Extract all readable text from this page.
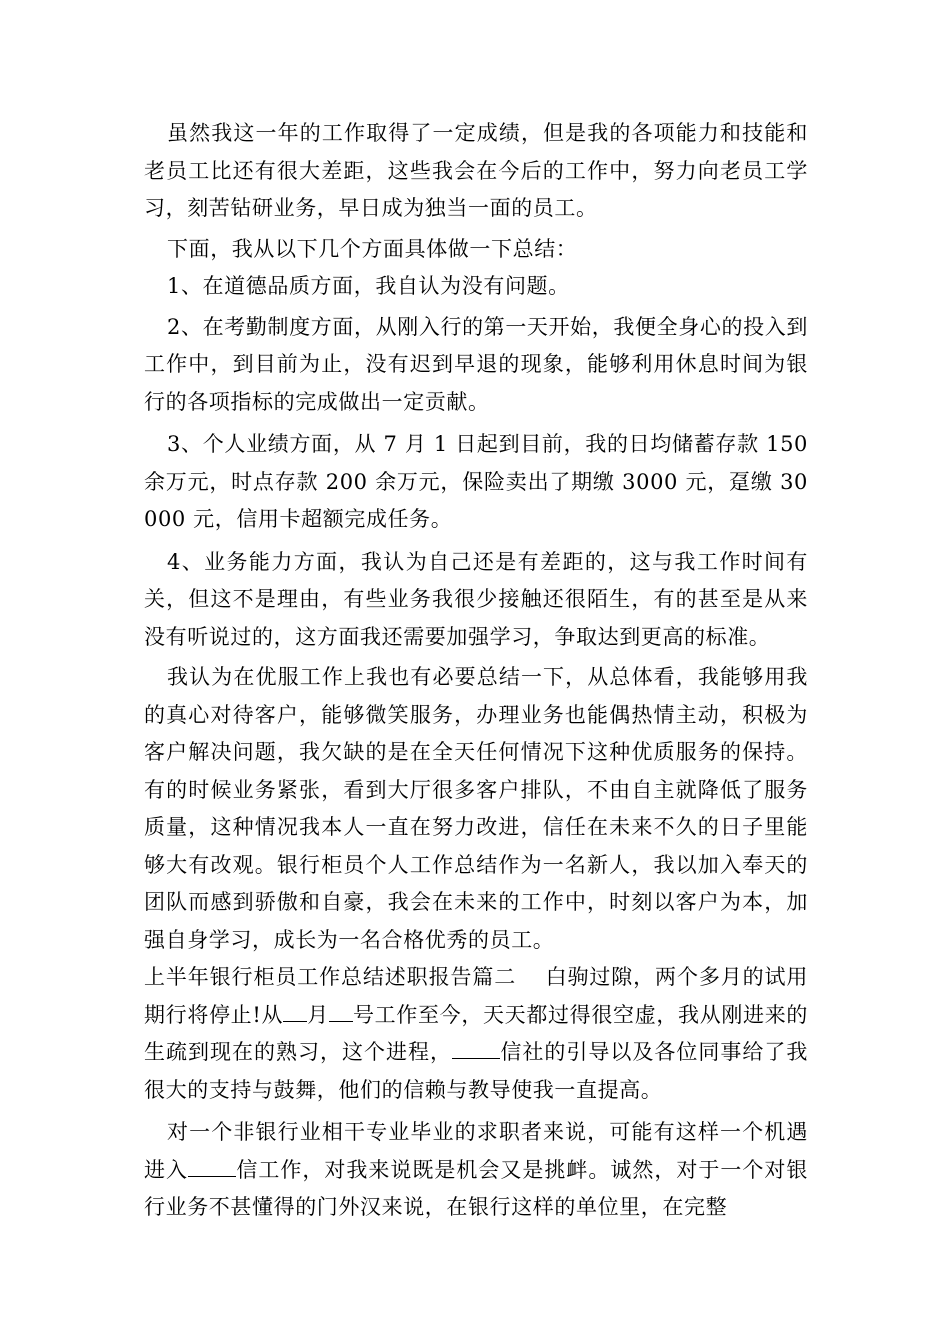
虽然我这一年的工作取得了一定成绩，但是我的各项能力和技能和老员工比还有很大差距，这些我会在今后的工作中，努力向老员工学习，刻苦钻研业务，早日成为独当一面的员工。

下面，我从以下几个方面具体做一下总结：

1、在道德品质方面，我自认为没有问题。

2、在考勤制度方面，从刚入行的第一天开始，我便全身心的投入到工作中，到目前为止，没有迟到早退的现象，能够利用休息时间为银行的各项指标的完成做出一定贡献。

3、个人业绩方面，从 7 月 1 日起到目前，我的日均储蓄存款 150 余万元，时点存款 200 余万元，保险卖出了期缴 3000 元，趸缴 30000 元，信用卡超额完成任务。

4、业务能力方面，我认为自己还是有差距的，这与我工作时间有关，但这不是理由，有些业务我很少接触还很陌生，有的甚至是从来没有听说过的，这方面我还需要加强学习，争取达到更高的标准。

我认为在优服工作上我也有必要总结一下，从总体看，我能够用我的真心对待客户，能够微笑服务，办理业务也能偶热情主动，积极为客户解决问题，我欠缺的是在全天任何情况下这种优质服务的保持。有的时候业务紧张，看到大厅很多客户排队，不由自主就降低了服务质量，这种情况我本人一直在努力改进，信任在未来不久的日子里能够大有改观。银行柜员个人工作总结作为一名新人，我以加入奉天的团队而感到骄傲和自豪，我会在未来的工作中，时刻以客户为本，加强自身学习，成长为一名合格优秀的员工。

上半年银行柜员工作总结述职报告篇二　 白驹过隙，两个多月的试用期行将停止!从 月 号工作至今，天天都过得很空虚，我从刚进来的生疏到现在的熟习，这个进程， 信社的引导以及各位同事给了我很大的支持与鼓舞，他们的信赖与教导使我一直提高。

对一个非银行业相干专业毕业的求职者来说，可能有这样一个机遇进入 信工作，对我来说既是机会又是挑衅。诚然，对于一个对银行业务不甚懂得的门外汉来说，在银行这样的单位里，在完整
